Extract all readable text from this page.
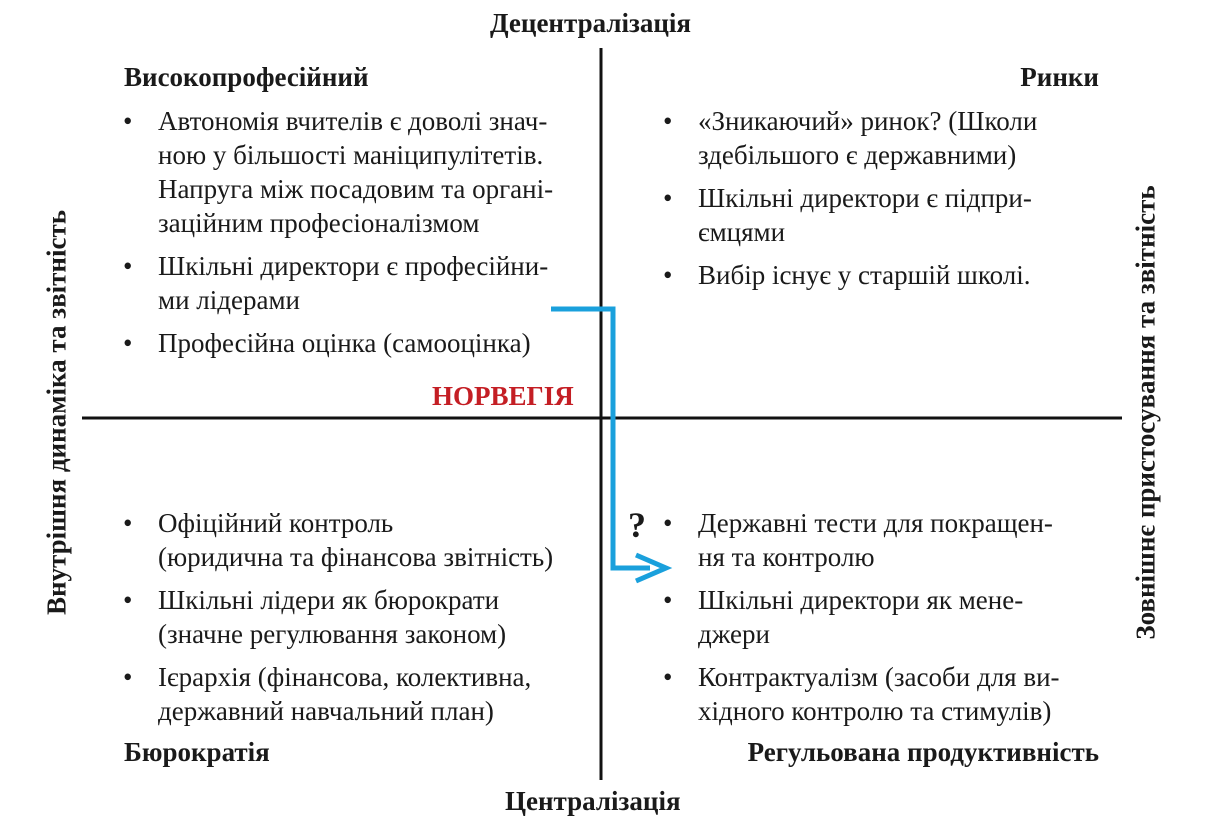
Децентралізація
Централізація
Внутрішня динаміка та звітність	Зовнішнє пристосування та звітність
Високопрофесійний	Ринки
Бюрократія	Регульована продуктивність
• Автономія вчителів є доволі знач-
ною у більшості маніципулітетів.
Напруга між посадовим та органі-
заційним професіоналізмом
• Шкільні директори є професійни-
ми лідерами
• Професійна оцінка (самооцінка)
• «Зникаючий» ринок? (Школи
здебільшого є державними)
• Шкільні директори є підпри-
ємцями
• Вибір існує у старшій школі.
• Офіційний контроль
(юридична та фінансова звітність)
• Шкільні лідери як бюрократи
(значне регулювання законом)
• Ієрархія (фінансова, колективна,
державний навчальний план)
• Державні тести для покращен-
ня та контролю
• Шкільні директори як мене-
джери
• Контрактуалізм (засоби для ви-
хідного контролю та стимулів)
НОРВЕГІЯ
?
